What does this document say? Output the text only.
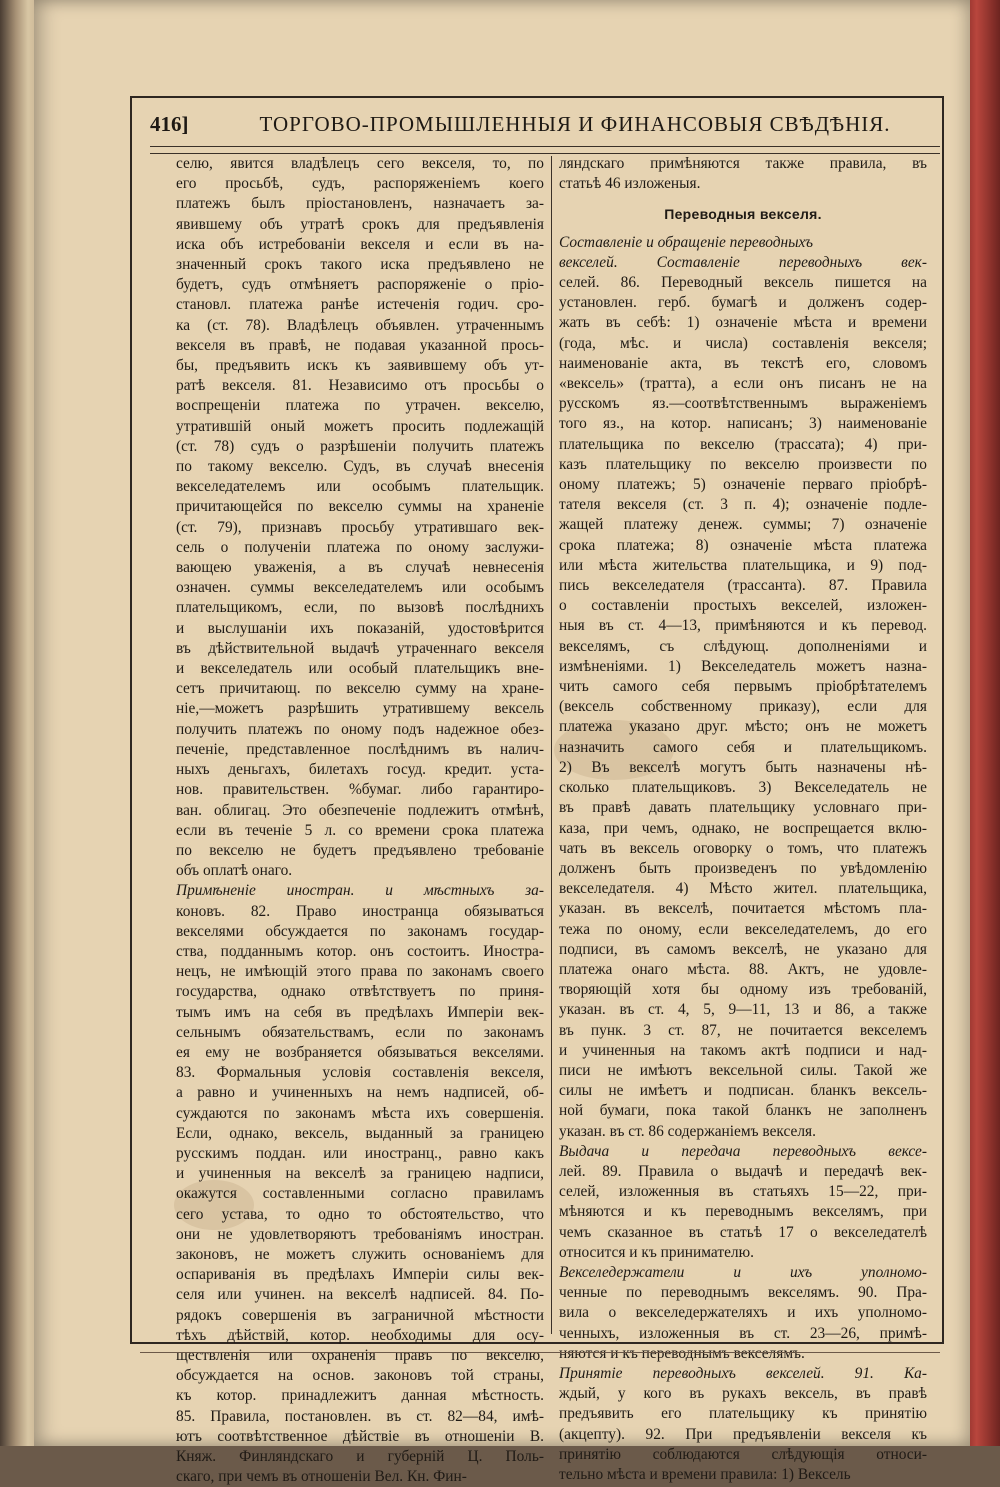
416]	ТОРГОВО-ПРОМЫШЛЕННЫЯ И ФИНАНСОВЫЯ СВѢДѢНІЯ.
селю, явится владѣлецъ сего векселя, то, по
его просьбѣ, судъ, распоряженіемъ коего
платежъ былъ пріостановленъ, назначаетъ за-
явившему объ утратѣ срокъ для предъявленія
иска объ истребованіи векселя и если въ на-
значенный срокъ такого иска предъявлено не
будетъ, судъ отмѣняетъ распоряженіе о пріо-
становл. платежа ранѣе истеченія годич. сро-
ка (ст. 78). Владѣлецъ объявлен. утраченнымъ
векселя въ правѣ, не подавая указанной прось-
бы, предъявить искъ къ заявившему объ ут-
ратѣ векселя. 81. Независимо отъ просьбы о
воспрещеніи платежа по утрачен. векселю,
утратившій оный можетъ просить подлежащій
(ст. 78) судъ о разрѣшеніи получить платежъ
по такому векселю. Судъ, въ случаѣ внесенія
векселедателемъ или особымъ плательщик.
причитающейся по векселю суммы на храненіе
(ст. 79), признавъ просьбу утратившаго век-
сель о полученіи платежа по оному заслужи-
вающею уваженія, а въ случаѣ невнесенія
означен. суммы векселедателемъ или особымъ
плательщикомъ, если, по вызовѣ послѣднихъ
и выслушаніи ихъ показаній, удостовѣрится
въ дѣйствительной выдачѣ утраченнаго векселя
и векселедатель или особый плательщикъ вне-
сетъ причитающ. по векселю сумму на хране-
ніе,—можетъ разрѣшить утратившему вексель
получить платежъ по оному подъ надежное обез-
печеніе, представленное послѣднимъ въ налич-
ныхъ деньгахъ, билетахъ госуд. кредит. уста-
нов. правительствен. %бумаг. либо гарантиро-
ван. облигац. Это обезпеченіе подлежитъ отмѣнѣ,
если въ теченіе 5 л. со времени срока платежа
по векселю не будетъ предъявлено требованіе
объ оплатѣ онаго.
Примѣненіе иностран. и мѣстныхъ за-
коновъ. 82. Право иностранца обязываться
векселями обсуждается по законамъ государ-
ства, подданнымъ котор. онъ состоитъ. Иностра-
нецъ, не имѣющій этого права по законамъ своего
государства, однако отвѣтствуетъ по приня-
тымъ имъ на себя въ предѣлахъ Имперіи век-
сельнымъ обязательствамъ, если по законамъ
ея ему не возбраняется обязываться векселями.
83. Формальныя условія составленія векселя,
а равно и учиненныхъ на немъ надписей, об-
суждаются по законамъ мѣста ихъ совершенія.
Если, однако, вексель, выданный за границею
русскимъ поддан. или иностранц., равно какъ
и учиненныя на векселѣ за границею надписи,
окажутся составленными согласно правиламъ
сего устава, то одно то обстоятельство, что
они не удовлетворяютъ требованіямъ иностран.
законовъ, не можетъ служить основаніемъ для
оспариванія въ предѣлахъ Имперіи силы век-
селя или учинен. на векселѣ надписей. 84. По-
рядокъ совершенія въ заграничной мѣстности
тѣхъ дѣйствій, котор. необходимы для осу-
ществленія или охраненія правъ по векселю,
обсуждается на основ. законовъ той страны,
къ котор. принадлежитъ данная мѣстность.
85. Правила, постановлен. въ ст. 82—84, имѣ-
ютъ соотвѣтственное дѣйствіе въ отношеніи В.
Княж. Финляндскаго и губерній Ц. Поль-
скаго, при чемъ въ отношеніи Вел. Кн. Фин-
ляндскаго примѣняются также правила, въ
статьѣ 46 изложеныя.
Переводныя векселя.
Составленіе и обращеніе переводныхъ
векселей. Составленіе переводныхъ век-
селей. 86. Переводный вексель пишется на
установлен. герб. бумагѣ и долженъ содер-
жать въ себѣ: 1) означеніе мѣста и времени
(года, мѣс. и числа) составленія векселя;
наименованіе акта, въ текстѣ его, словомъ
«вексель» (тратта), а если онъ писанъ не на
русскомъ яз.—соотвѣтственнымъ выраженіемъ
того яз., на котор. написанъ; 3) наименованіе
плательщика по векселю (трассата); 4) при-
казъ плательщику по векселю произвести по
оному платежъ; 5) означеніе перваго пріобрѣ-
тателя векселя (ст. 3 п. 4); означеніе подле-
жащей платежу денеж. суммы; 7) означеніе
срока платежа; 8) означеніе мѣста платежа
или мѣста жительства плательщика, и 9) под-
пись векселедателя (трассанта). 87. Правила
о составленіи простыхъ векселей, изложен-
ныя въ ст. 4—13, примѣняются и къ перевод.
векселямъ, съ слѣдующ. дополненіями и
измѣненіями. 1) Векселедатель можетъ назна-
чить самого себя первымъ пріобрѣтателемъ
(вексель собственному приказу), если для
платежа указано друг. мѣсто; онъ не можетъ
назначить самого себя и плательщикомъ.
2) Въ векселѣ могутъ быть назначены нѣ-
сколько плательщиковъ. 3) Векселедатель не
въ правѣ давать плательщику условнаго при-
каза, при чемъ, однако, не воспрещается вклю-
чать въ вексель оговорку о томъ, что платежъ
долженъ быть произведенъ по увѣдомленію
векселедателя. 4) Мѣсто жител. плательщика,
указан. въ векселѣ, почитается мѣстомъ пла-
тежа по оному, если векселедателемъ, до его
подписи, въ самомъ векселѣ, не указано для
платежа онаго мѣста. 88. Актъ, не удовле-
творяющій хотя бы одному изъ требованій,
указан. въ ст. 4, 5, 9—11, 13 и 86, а также
въ пунк. 3 ст. 87, не почитается векселемъ
и учиненныя на такомъ актѣ подписи и над-
писи не имѣютъ вексельной силы. Такой же
силы не имѣетъ и подписан. бланкъ вексель-
ной бумаги, пока такой бланкъ не заполненъ
указан. въ ст. 86 содержаніемъ векселя.
Выдача и передача переводныхъ вексе-
лей. 89. Правила о выдачѣ и передачѣ век-
селей, изложенныя въ статьяхъ 15—22, при-
мѣняются и къ переводнымъ векселямъ, при
чемъ сказанное въ статьѣ 17 о векселедателѣ
относится и къ принимателю.
Векселедержатели и ихъ уполномо-
ченные по переводнымъ векселямъ. 90. Пра-
вила о векселедержателяхъ и ихъ уполномо-
ченныхъ, изложенныя въ ст. 23—26, примѣ-
няются и къ переводнымъ векселямъ.
Принятіе переводныхъ векселей. 91. Ка-
ждый, у кого въ рукахъ вексель, въ правѣ
предъявить его плательщику къ принятію
(акцепту). 92. При предъявленіи векселя къ
принятію соблюдаются слѣдующія относи-
тельно мѣста и времени правила: 1) Вексель
